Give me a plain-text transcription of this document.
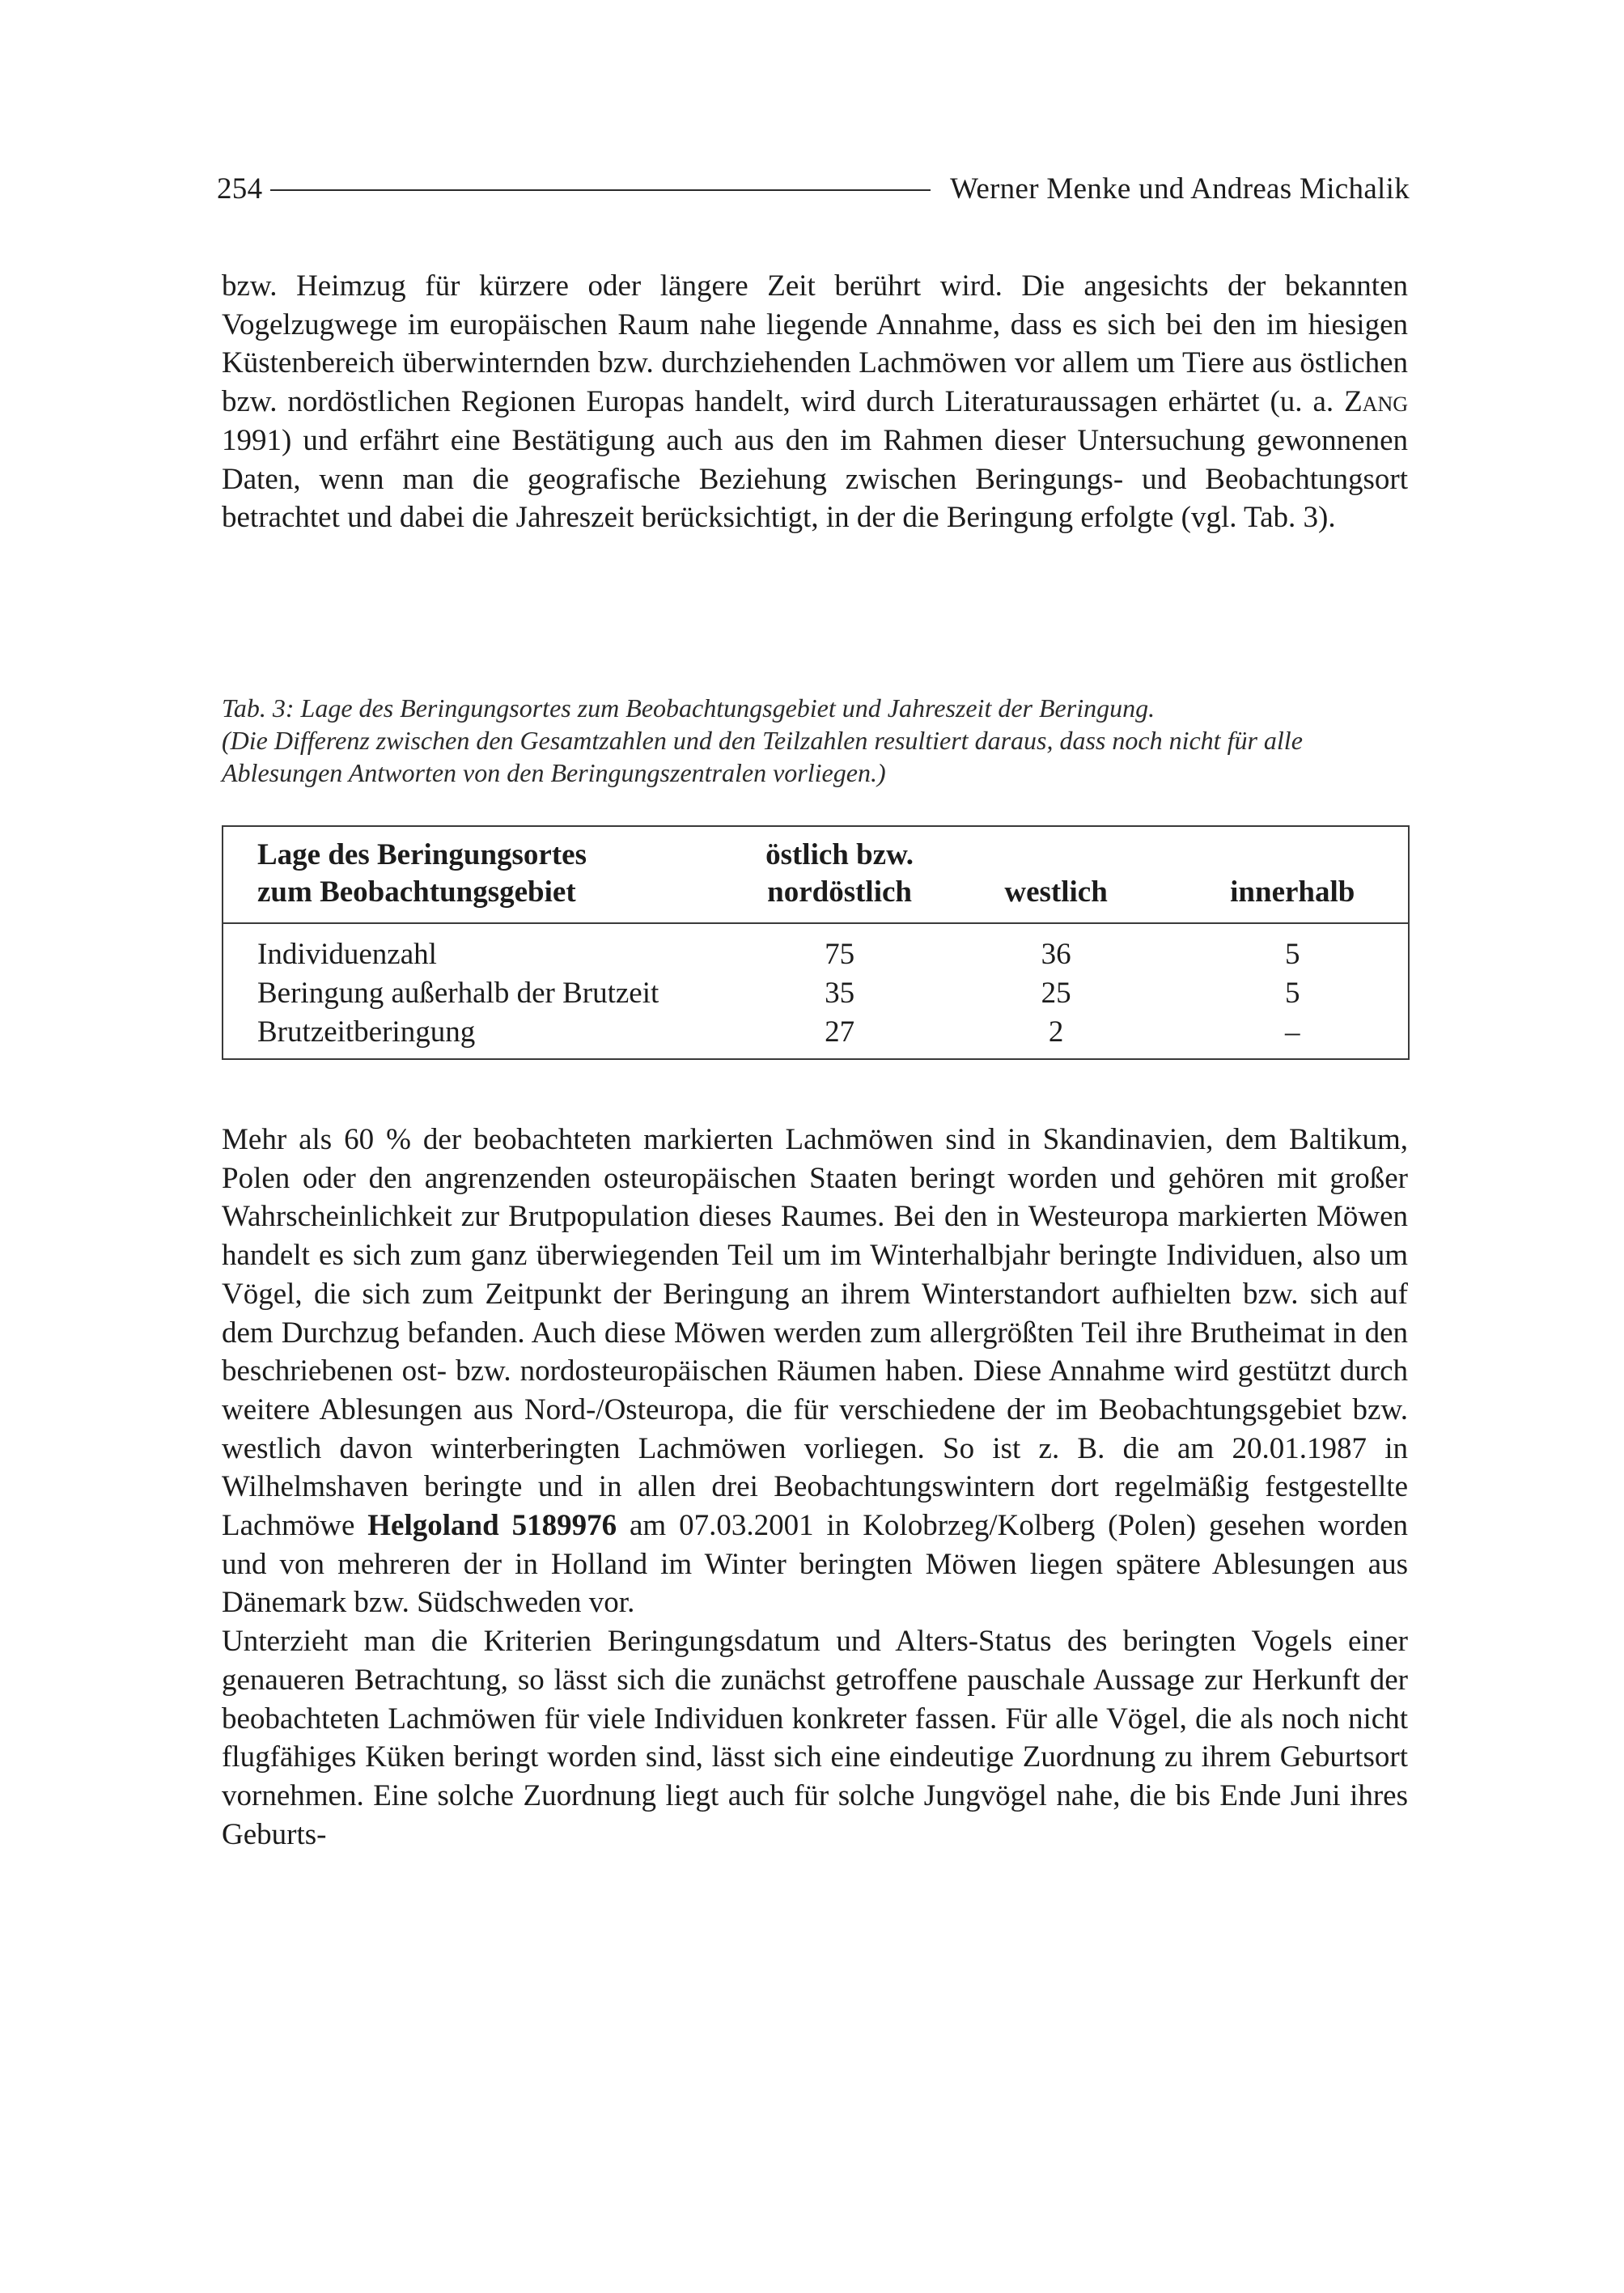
254	Werner Menke und Andreas Michalik

bzw. Heimzug für kürzere oder längere Zeit berührt wird. Die angesichts der bekannten Vogelzugwege im europäischen Raum nahe liegende Annahme, dass es sich bei den im hiesigen Küstenbereich überwinternden bzw. durchziehenden Lachmöwen vor allem um Tiere aus östlichen bzw. nordöstlichen Regionen Europas handelt, wird durch Literaturaussagen erhärtet (u. a. Zang 1991) und erfährt eine Bestätigung auch aus den im Rahmen dieser Untersuchung gewonnenen Daten, wenn man die geografische Beziehung zwischen Beringungs- und Beobachtungsort betrachtet und dabei die Jahreszeit berücksichtigt, in der die Beringung erfolgte (vgl. Tab. 3).

Tab. 3: Lage des Beringungsortes zum Beobachtungsgebiet und Jahreszeit der Beringung.

(Die Differenz zwischen den Gesamtzahlen und den Teilzahlen resultiert daraus, dass noch nicht für alle Ablesungen Antworten von den Beringungszentralen vorliegen.)

Lage des Beringungsortes
zum Beobachtungsgebiet	östlich bzw.
nordöstlich	westlich	innerhalb
Individuenzahl	75	36	5
Beringung außerhalb der Brutzeit	35	25	5
Brutzeitberingung	27	2	–

Mehr als 60 % der beobachteten markierten Lachmöwen sind in Skandinavien, dem Baltikum, Polen oder den angrenzenden osteuropäischen Staaten beringt worden und gehören mit großer Wahrscheinlichkeit zur Brutpopulation dieses Raumes. Bei den in Westeuropa markierten Möwen handelt es sich zum ganz überwiegenden Teil um im Winterhalbjahr beringte Individuen, also um Vögel, die sich zum Zeitpunkt der Beringung an ihrem Winterstandort aufhielten bzw. sich auf dem Durchzug befanden. Auch diese Möwen werden zum allergrößten Teil ihre Brutheimat in den beschriebenen ost- bzw. nordosteuropäischen Räumen haben. Diese Annahme wird gestützt durch weitere Ablesungen aus Nord-/Osteuropa, die für verschiedene der im Beobachtungsgebiet bzw. westlich davon winterberingten Lachmöwen vorliegen. So ist z. B. die am 20.01.1987 in Wilhelmshaven beringte und in allen drei Beobachtungswintern dort regelmäßig festgestellte Lachmöwe Helgoland 5189976 am 07.03.2001 in Kolobrzeg/Kolberg (Polen) gesehen worden und von mehreren der in Holland im Winter beringten Möwen liegen spätere Ablesungen aus Dänemark bzw. Südschweden vor.

Unterzieht man die Kriterien Beringungsdatum und Alters-Status des beringten Vogels einer genaueren Betrachtung, so lässt sich die zunächst getroffene pauschale Aussage zur Herkunft der beobachteten Lachmöwen für viele Individuen konkreter fassen. Für alle Vögel, die als noch nicht flugfähiges Küken beringt worden sind, lässt sich eine eindeutige Zuordnung zu ihrem Geburtsort vornehmen. Eine solche Zuordnung liegt auch für solche Jungvögel nahe, die bis Ende Juni ihres Geburts-
